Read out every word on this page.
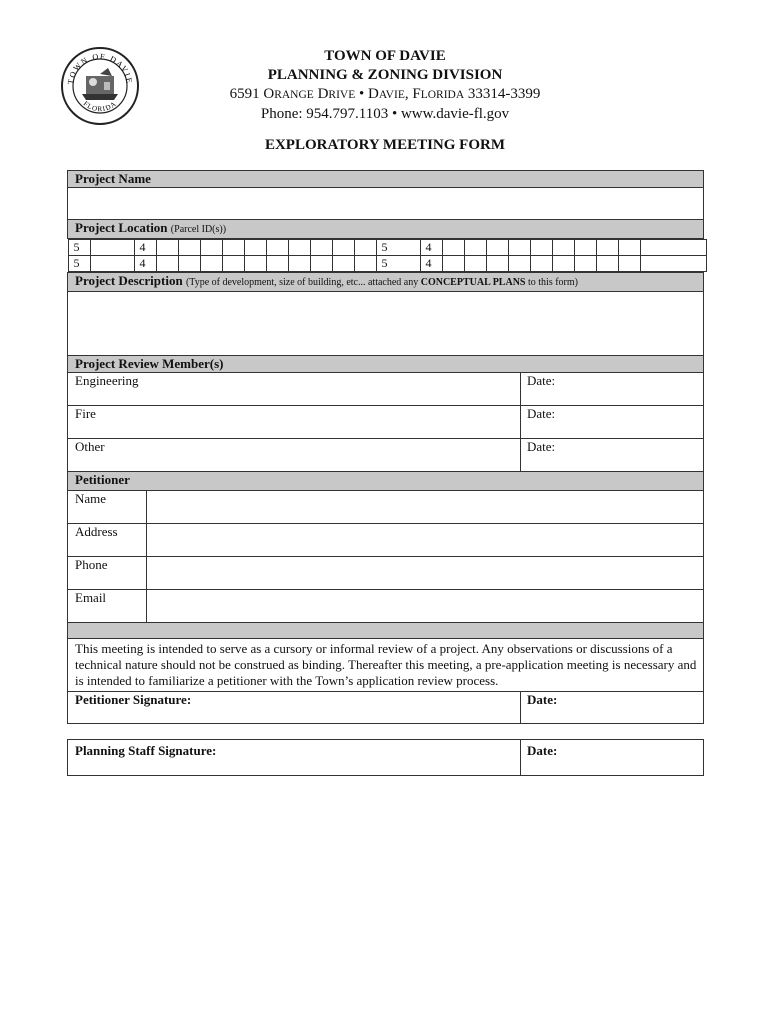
TOWN OF DAVIE
FLORIDA
TOWN OF DAVIE
PLANNING & ZONING DIVISION
6591 ORANGE DRIVE • DAVIE, FLORIDA 33314-3399
Phone: 954.797.1103 • www.davie-fl.gov
EXPLORATORY MEETING FORM
Project Name

Project Location (Parcel ID(s))

5		4											5	4										
5		4											5	4										

Project Description (Type of development, size of building, etc... attached any CONCEPTUAL PLANS to this form)

Project Review Member(s)
Engineering	Date:
Fire	Date:
Other	Date:
Petitioner
Name	
Address	
Phone	
Email	

This meeting is intended to serve as a cursory or informal review of a project. Any observations or discussions of a technical nature should not be construed as binding. Thereafter this meeting, a pre-application meeting is necessary and is intended to familiarize a petitioner with the Town’s application review process.
Petitioner Signature:	Date:
Planning Staff Signature:	Date:
